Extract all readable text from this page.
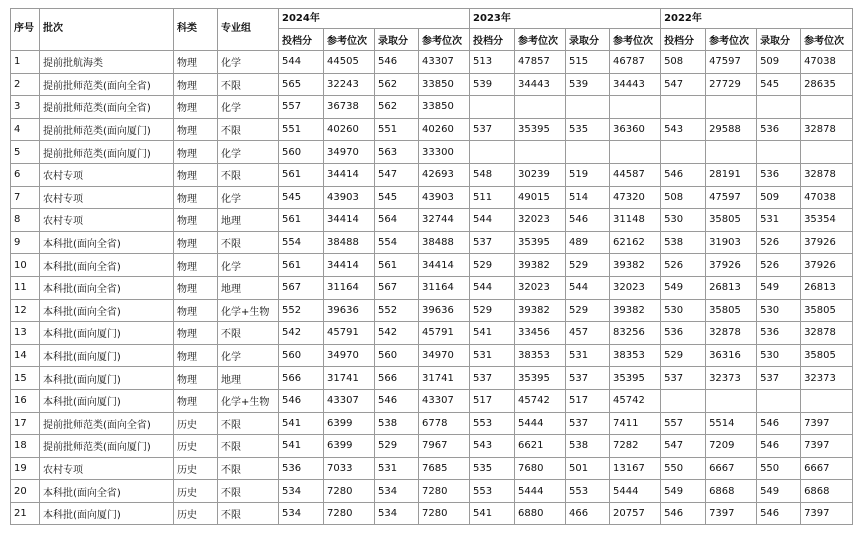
序号	批次	科类	专业组	2024年				2023年				2022年			
				投档分	参考位次	录取分	参考位次	投档分	参考位次	录取分	参考位次	投档分	参考位次	录取分	参考位次
1	提前批航海类	物理	化学	544	44505	546	43307	513	47857	515	46787	508	47597	509	47038
2	提前批师范类(面向全省)	物理	不限	565	32243	562	33850	539	34443	539	34443	547	27729	545	28635
3	提前批师范类(面向全省)	物理	化学	557	36738	562	33850								
4	提前批师范类(面向厦门)	物理	不限	551	40260	551	40260	537	35395	535	36360	543	29588	536	32878
5	提前批师范类(面向厦门)	物理	化学	560	34970	563	33300								
6	农村专项	物理	不限	561	34414	547	42693	548	30239	519	44587	546	28191	536	32878
7	农村专项	物理	化学	545	43903	545	43903	511	49015	514	47320	508	47597	509	47038
8	农村专项	物理	地理	561	34414	564	32744	544	32023	546	31148	530	35805	531	35354
9	本科批(面向全省)	物理	不限	554	38488	554	38488	537	35395	489	62162	538	31903	526	37926
10	本科批(面向全省)	物理	化学	561	34414	561	34414	529	39382	529	39382	526	37926	526	37926
11	本科批(面向全省)	物理	地理	567	31164	567	31164	544	32023	544	32023	549	26813	549	26813
12	本科批(面向全省)	物理	化学+生物	552	39636	552	39636	529	39382	529	39382	530	35805	530	35805
13	本科批(面向厦门)	物理	不限	542	45791	542	45791	541	33456	457	83256	536	32878	536	32878
14	本科批(面向厦门)	物理	化学	560	34970	560	34970	531	38353	531	38353	529	36316	530	35805
15	本科批(面向厦门)	物理	地理	566	31741	566	31741	537	35395	537	35395	537	32373	537	32373
16	本科批(面向厦门)	物理	化学+生物	546	43307	546	43307	517	45742	517	45742				
17	提前批师范类(面向全省)	历史	不限	541	6399	538	6778	553	5444	537	7411	557	5514	546	7397
18	提前批师范类(面向厦门)	历史	不限	541	6399	529	7967	543	6621	538	7282	547	7209	546	7397
19	农村专项	历史	不限	536	7033	531	7685	535	7680	501	13167	550	6667	550	6667
20	本科批(面向全省)	历史	不限	534	7280	534	7280	553	5444	553	5444	549	6868	549	6868
21	本科批(面向厦门)	历史	不限	534	7280	534	7280	541	6880	466	20757	546	7397	546	7397
